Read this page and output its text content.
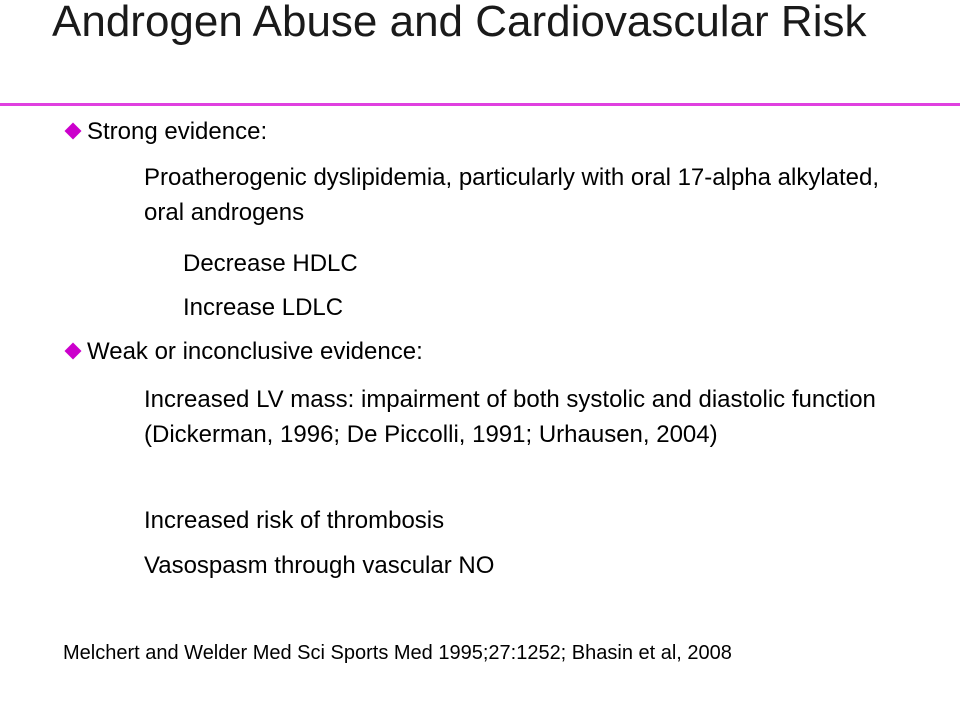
Androgen Abuse and Cardiovascular Risk
Strong evidence:
Proatherogenic dyslipidemia, particularly with oral 17-alpha alkylated, oral androgens
Decrease HDLC
Increase LDLC
Weak or inconclusive evidence:
Increased LV mass: impairment of both systolic and diastolic function (Dickerman, 1996; De Piccolli, 1991; Urhausen, 2004)
Increased risk of thrombosis
Vasospasm through vascular NO
Melchert and Welder Med Sci Sports Med 1995;27:1252; Bhasin et al, 2008
